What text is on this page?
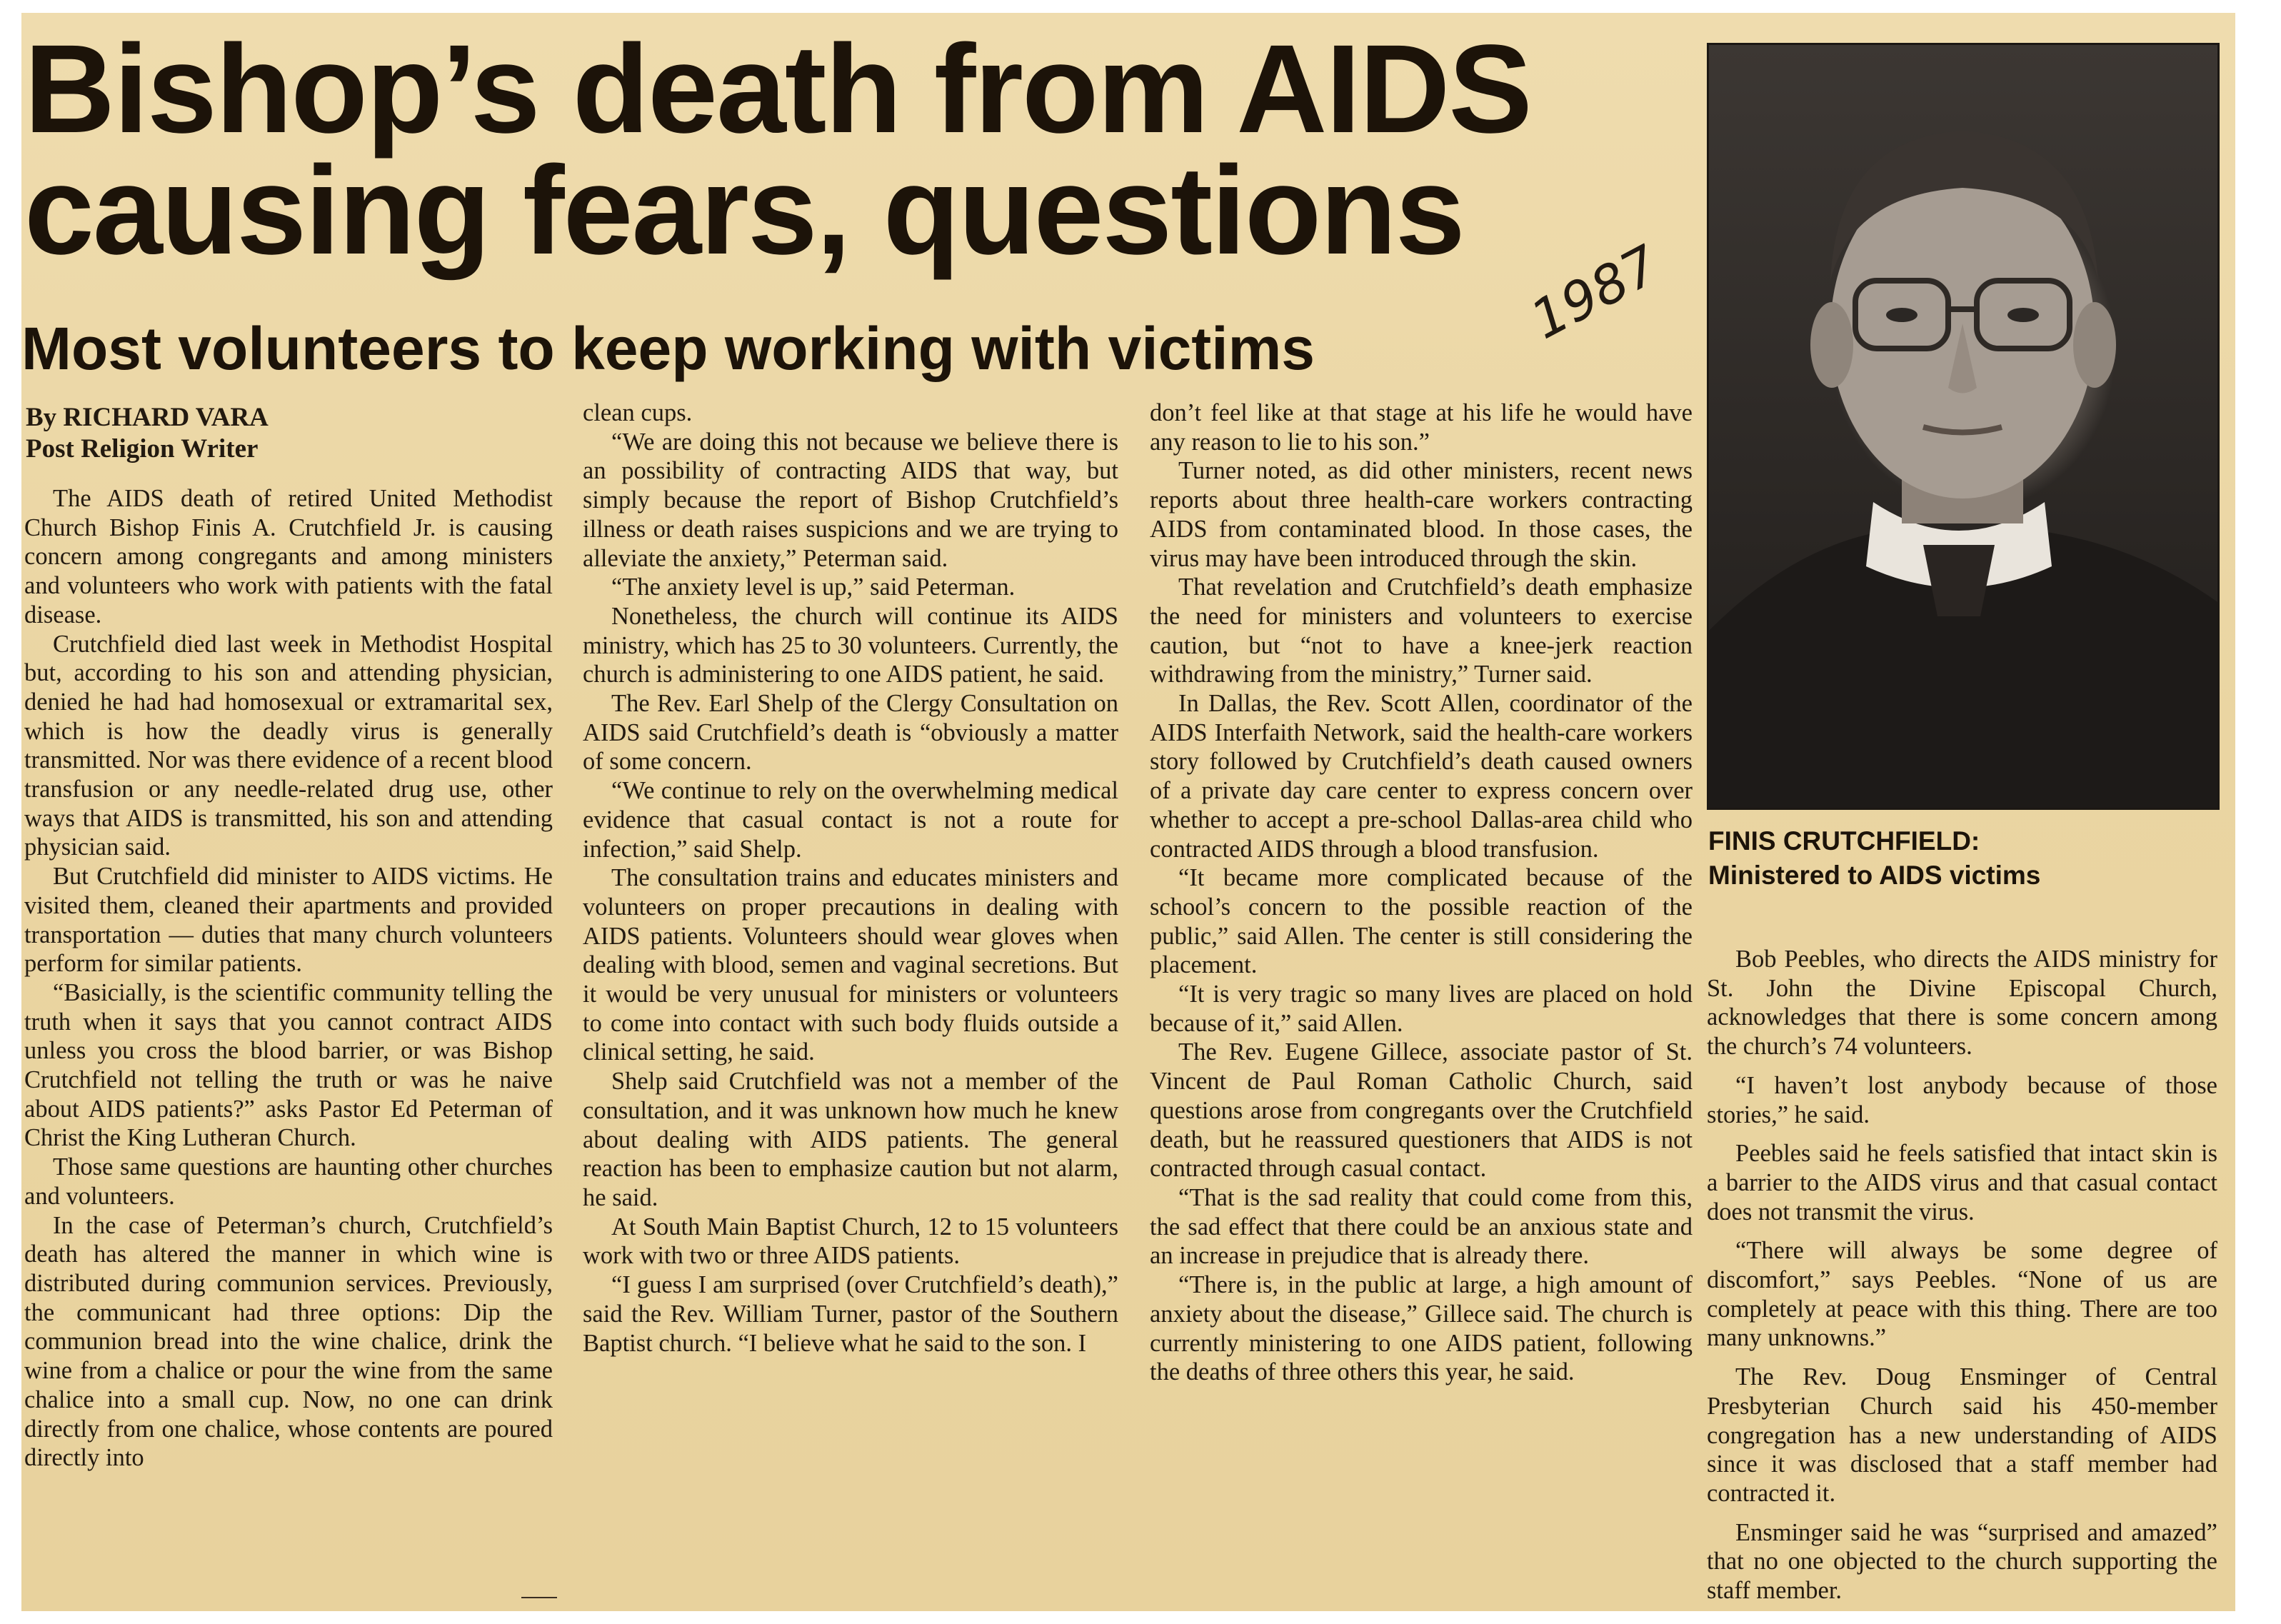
Bishop’s death from AIDS
causing fears, questions
Most volunteers to keep working with victims	1987
FINIS CRUTCHFIELD:
Ministered to AIDS victims
By RICHARD VARA
Post Religion Writer

The AIDS death of retired United Methodist Church Bishop Finis A. Crutchfield Jr. is causing concern among congregants and among ministers and volunteers who work with patients with the fatal disease.

Crutchfield died last week in Methodist Hospital but, according to his son and attending physician, denied he had had homosexual or extramarital sex, which is how the deadly virus is generally transmitted. Nor was there evidence of a recent blood transfusion or any needle-related drug use, other ways that AIDS is transmitted, his son and attending physician said.

But Crutchfield did minister to AIDS victims. He visited them, cleaned their apartments and provided transportation — duties that many church volunteers perform for similar patients.

“Basicially, is the scientific community telling the truth when it says that you cannot contract AIDS unless you cross the blood barrier, or was Bishop Crutchfield not telling the truth or was he naive about AIDS patients?” asks Pastor Ed Peterman of Christ the King Lutheran Church.

Those same questions are haunting other churches and volunteers.

In the case of Peterman’s church, Crutchfield’s death has altered the manner in which wine is distributed during communion services. Previously, the communicant had three options: Dip the communion bread into the wine chalice, drink the wine from a chalice or pour the wine from the same chalice into a small cup. Now, no one can drink directly from one chalice, whose contents are poured directly into

clean cups.

“We are doing this not because we believe there is an possibility of contracting AIDS that way, but simply because the report of Bishop Crutchfield’s illness or death raises suspicions and we are trying to alleviate the anxiety,” Peterman said.

“The anxiety level is up,” said Peterman.

Nonetheless, the church will continue its AIDS ministry, which has 25 to 30 volunteers. Currently, the church is administering to one AIDS patient, he said.

The Rev. Earl Shelp of the Clergy Consultation on AIDS said Crutchfield’s death is “obviously a matter of some concern.

“We continue to rely on the overwhelming medical evidence that casual contact is not a route for infection,” said Shelp.

The consultation trains and educates ministers and volunteers on proper precautions in dealing with AIDS patients. Volunteers should wear gloves when dealing with blood, semen and vaginal secretions. But it would be very unusual for ministers or volunteers to come into contact with such body fluids outside a clinical setting, he said.

Shelp said Crutchfield was not a member of the consultation, and it was unknown how much he knew about dealing with AIDS patients. The general reaction has been to emphasize caution but not alarm, he said.

At South Main Baptist Church, 12 to 15 volunteers work with two or three AIDS patients.

“I guess I am surprised (over Crutchfield’s death),” said the Rev. William Turner, pastor of the Southern Baptist church. “I believe what he said to the son. I

don’t feel like at that stage at his life he would have any reason to lie to his son.”

Turner noted, as did other ministers, recent news reports about three health-care workers contracting AIDS from contaminated blood. In those cases, the virus may have been introduced through the skin.

That revelation and Crutchfield’s death emphasize the need for ministers and volunteers to exercise caution, but “not to have a knee-jerk reaction withdrawing from the ministry,” Turner said.

In Dallas, the Rev. Scott Allen, coordinator of the AIDS Interfaith Network, said the health-care workers story followed by Crutchfield’s death caused owners of a private day care center to express concern over whether to accept a pre-school Dallas-area child who contracted AIDS through a blood transfusion.

“It became more complicated because of the school’s concern to the possible reaction of the public,” said Allen. The center is still considering the placement.

“It is very tragic so many lives are placed on hold because of it,” said Allen.

The Rev. Eugene Gillece, associate pastor of St. Vincent de Paul Roman Catholic Church, said questions arose from congregants over the Crutchfield death, but he reassured questioners that AIDS is not contracted through casual contact.

“That is the sad reality that could come from this, the sad effect that there could be an anxious state and an increase in prejudice that is already there.

“There is, in the public at large, a high amount of anxiety about the disease,” Gillece said. The church is currently ministering to one AIDS patient, following the deaths of three others this year, he said.

Bob Peebles, who directs the AIDS ministry for St. John the Divine Episcopal Church, acknowledges that there is some concern among the church’s 74 volunteers.

“I haven’t lost anybody because of those stories,” he said.

Peebles said he feels satisfied that intact skin is a barrier to the AIDS virus and that casual contact does not transmit the virus.

“There will always be some degree of discomfort,” says Peebles. “None of us are completely at peace with this thing. There are too many unknowns.”

The Rev. Doug Ensminger of Central Presbyterian Church said his 450-member congregation has a new understanding of AIDS since it was disclosed that a staff member had contracted it.

Ensminger said he was “surprised and amazed” that no one objected to the church supporting the staff member.
